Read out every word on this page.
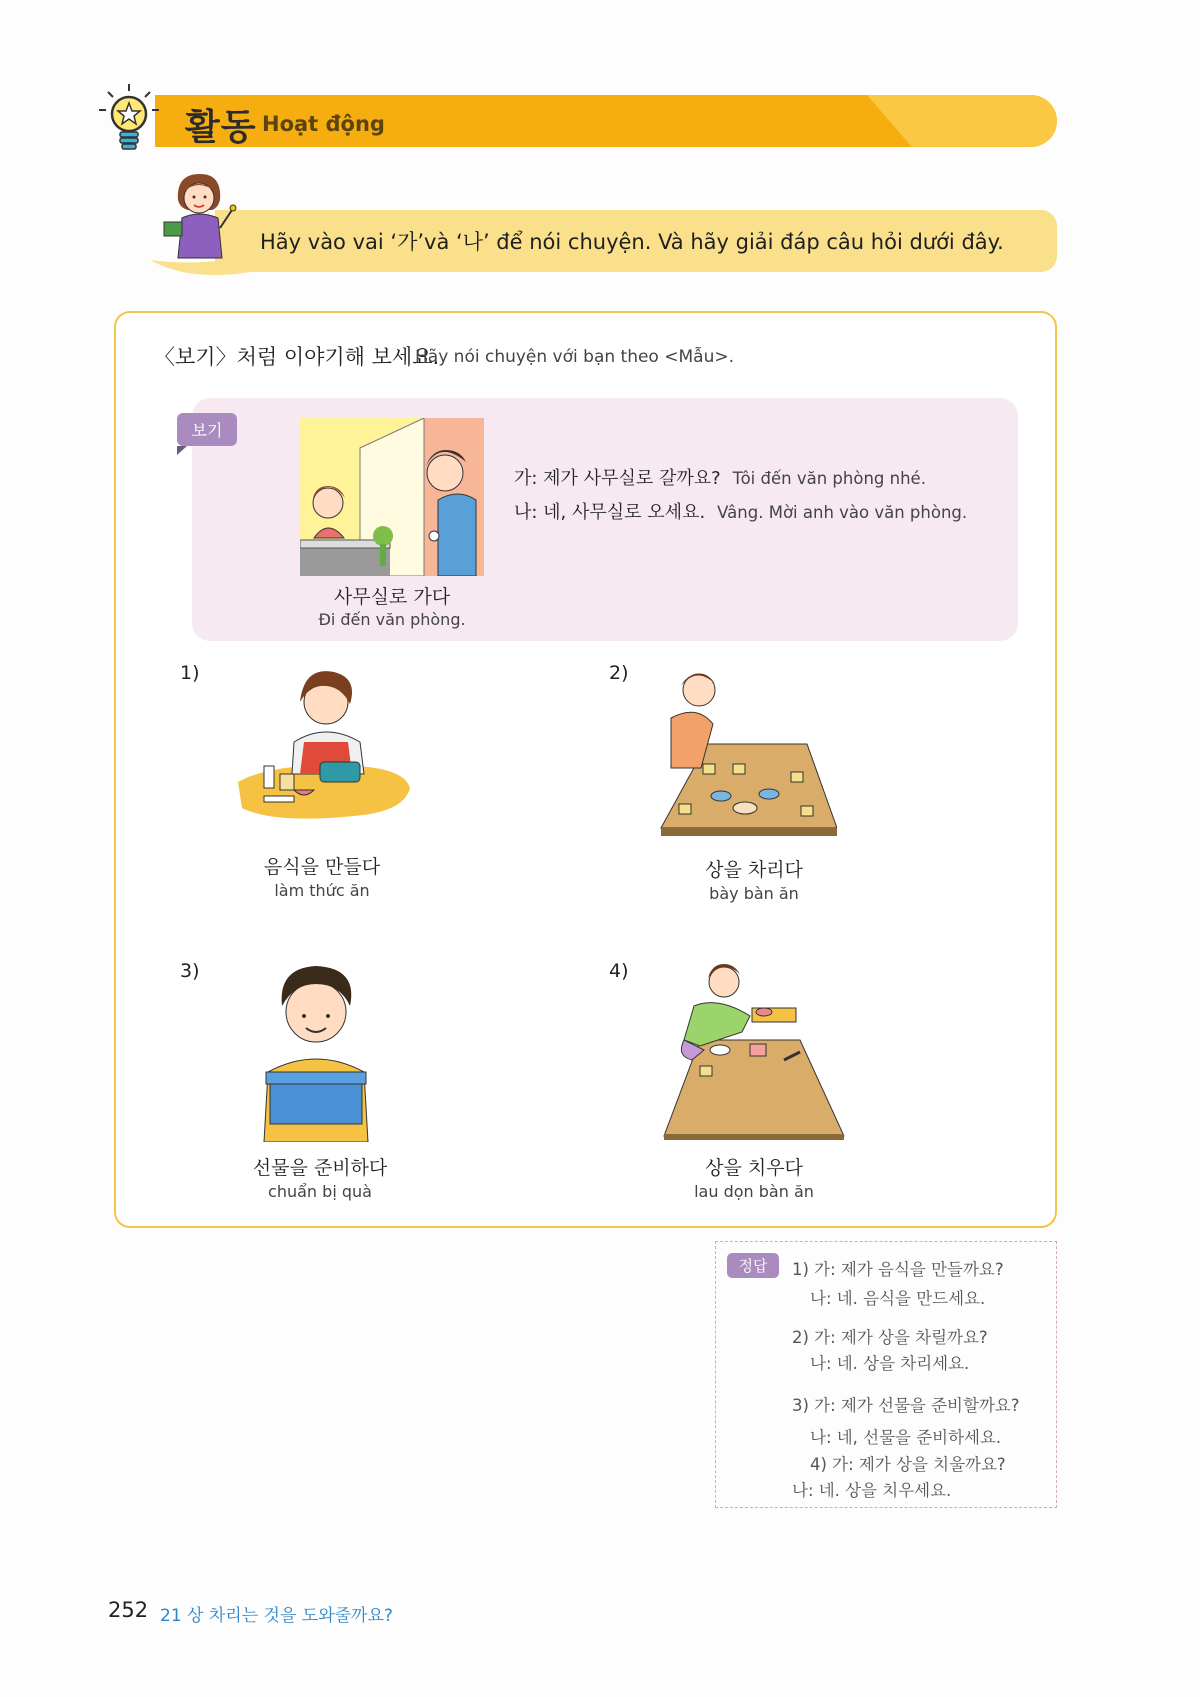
활동 Hoạt động
Hãy vào vai ‘가’và ‘나’ để nói chuyện. Và hãy giải đáp câu hỏi dưới đây.
〈보기〉처럼 이야기해 보세요.
Hãy nói chuyện với bạn theo <Mẫu>.
보기
사무실로 가다
Đi đến văn phòng.
가: 제가 사무실로 갈까요? Tôi đến văn phòng nhé.
나: 네, 사무실로 오세요. Vâng. Mời anh vào văn phòng.
1)
음식을 만들다
làm thức ăn
2)
상을 차리다
bày bàn ăn
3)
선물을 준비하다
chuẩn bị quà
4)
상을 치우다
lau dọn bàn ăn
정답	1) 가: 제가 음식을 만들까요?
나: 네. 음식을 만드세요.
2) 가: 제가 상을 차릴까요?
나: 네. 상을 차리세요.
3) 가: 제가 선물을 준비할까요?
나: 네, 선물을 준비하세요.
4) 가: 제가 상을 치울까요?
나: 네. 상을 치우세요.
252 21 상 차리는 것을 도와줄까요?
